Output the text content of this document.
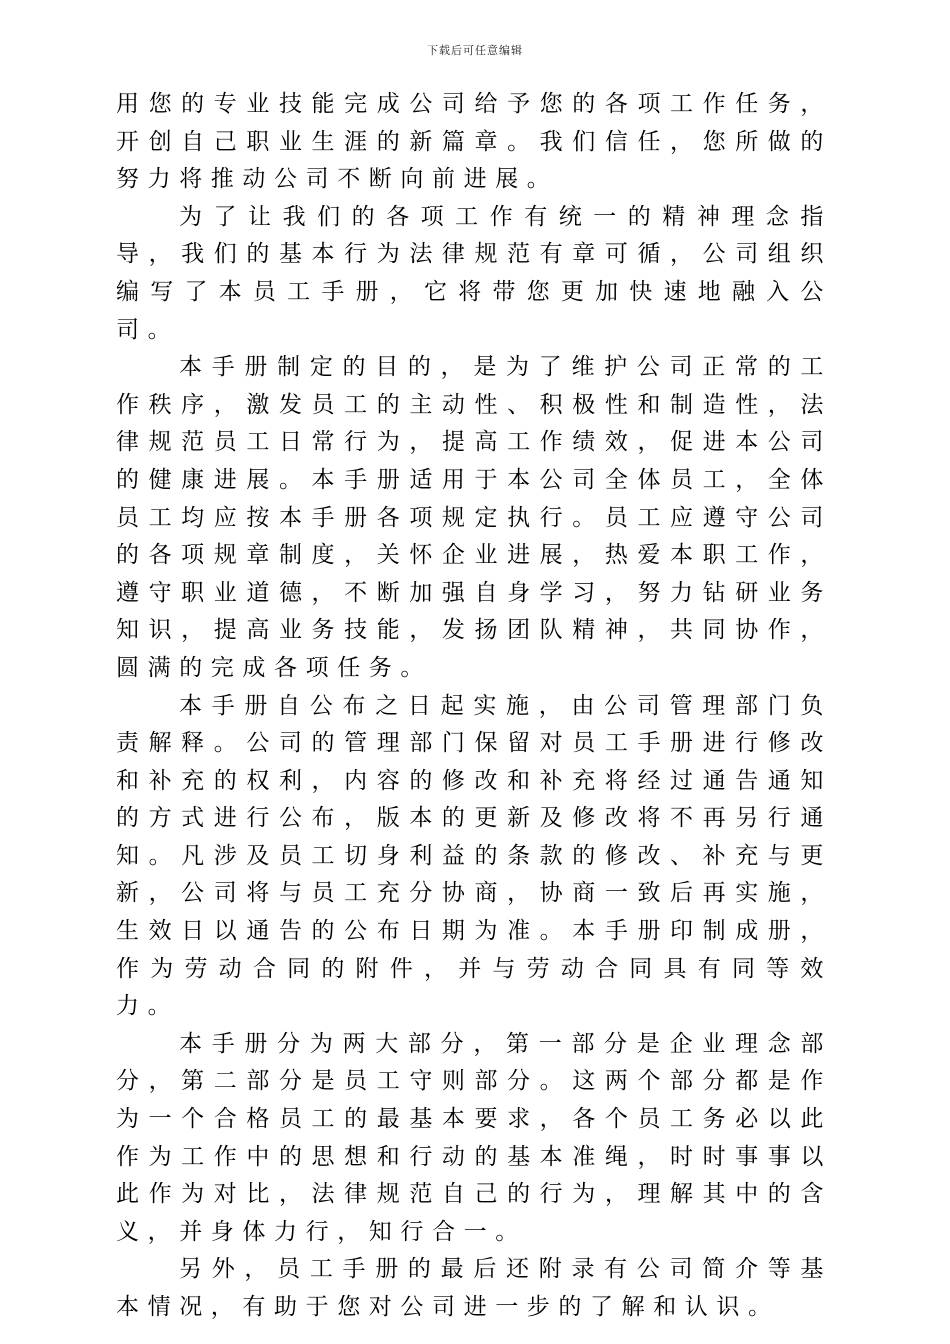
下载后可任意编辑

用您的专业技能完成公司给予您的各项工作任务，开创自己职业生涯的新篇章。我们信任，您所做的努力将推动公司不断向前进展。

为了让我们的各项工作有统一的精神理念指导，我们的基本行为法律规范有章可循，公司组织编写了本员工手册，它将带您更加快速地融入公司。

本手册制定的目的，是为了维护公司正常的工作秩序，激发员工的主动性、积极性和制造性，法律规范员工日常行为，提高工作绩效，促进本公司的健康进展。本手册适用于本公司全体员工，全体员工均应按本手册各项规定执行。员工应遵守公司的各项规章制度，关怀企业进展，热爱本职工作，遵守职业道德，不断加强自身学习，努力钻研业务知识，提高业务技能，发扬团队精神，共同协作，圆满的完成各项任务。

本手册自公布之日起实施，由公司管理部门负责解释。公司的管理部门保留对员工手册进行修改和补充的权利，内容的修改和补充将经过通告通知的方式进行公布，版本的更新及修改将不再另行通知。凡涉及员工切身利益的条款的修改、补充与更新，公司将与员工充分协商，协商一致后再实施，生效日以通告的公布日期为准。本手册印制成册，作为劳动合同的附件，并与劳动合同具有同等效力。

本手册分为两大部分，第一部分是企业理念部分，第二部分是员工守则部分。这两个部分都是作为一个合格员工的最基本要求，各个员工务必以此作为工作中的思想和行动的基本准绳，时时事事以此作为对比，法律规范自己的行为，理解其中的含义，并身体力行，知行合一。

另外，员工手册的最后还附录有公司简介等基本情况，有助于您对公司进一步的了解和认识。
